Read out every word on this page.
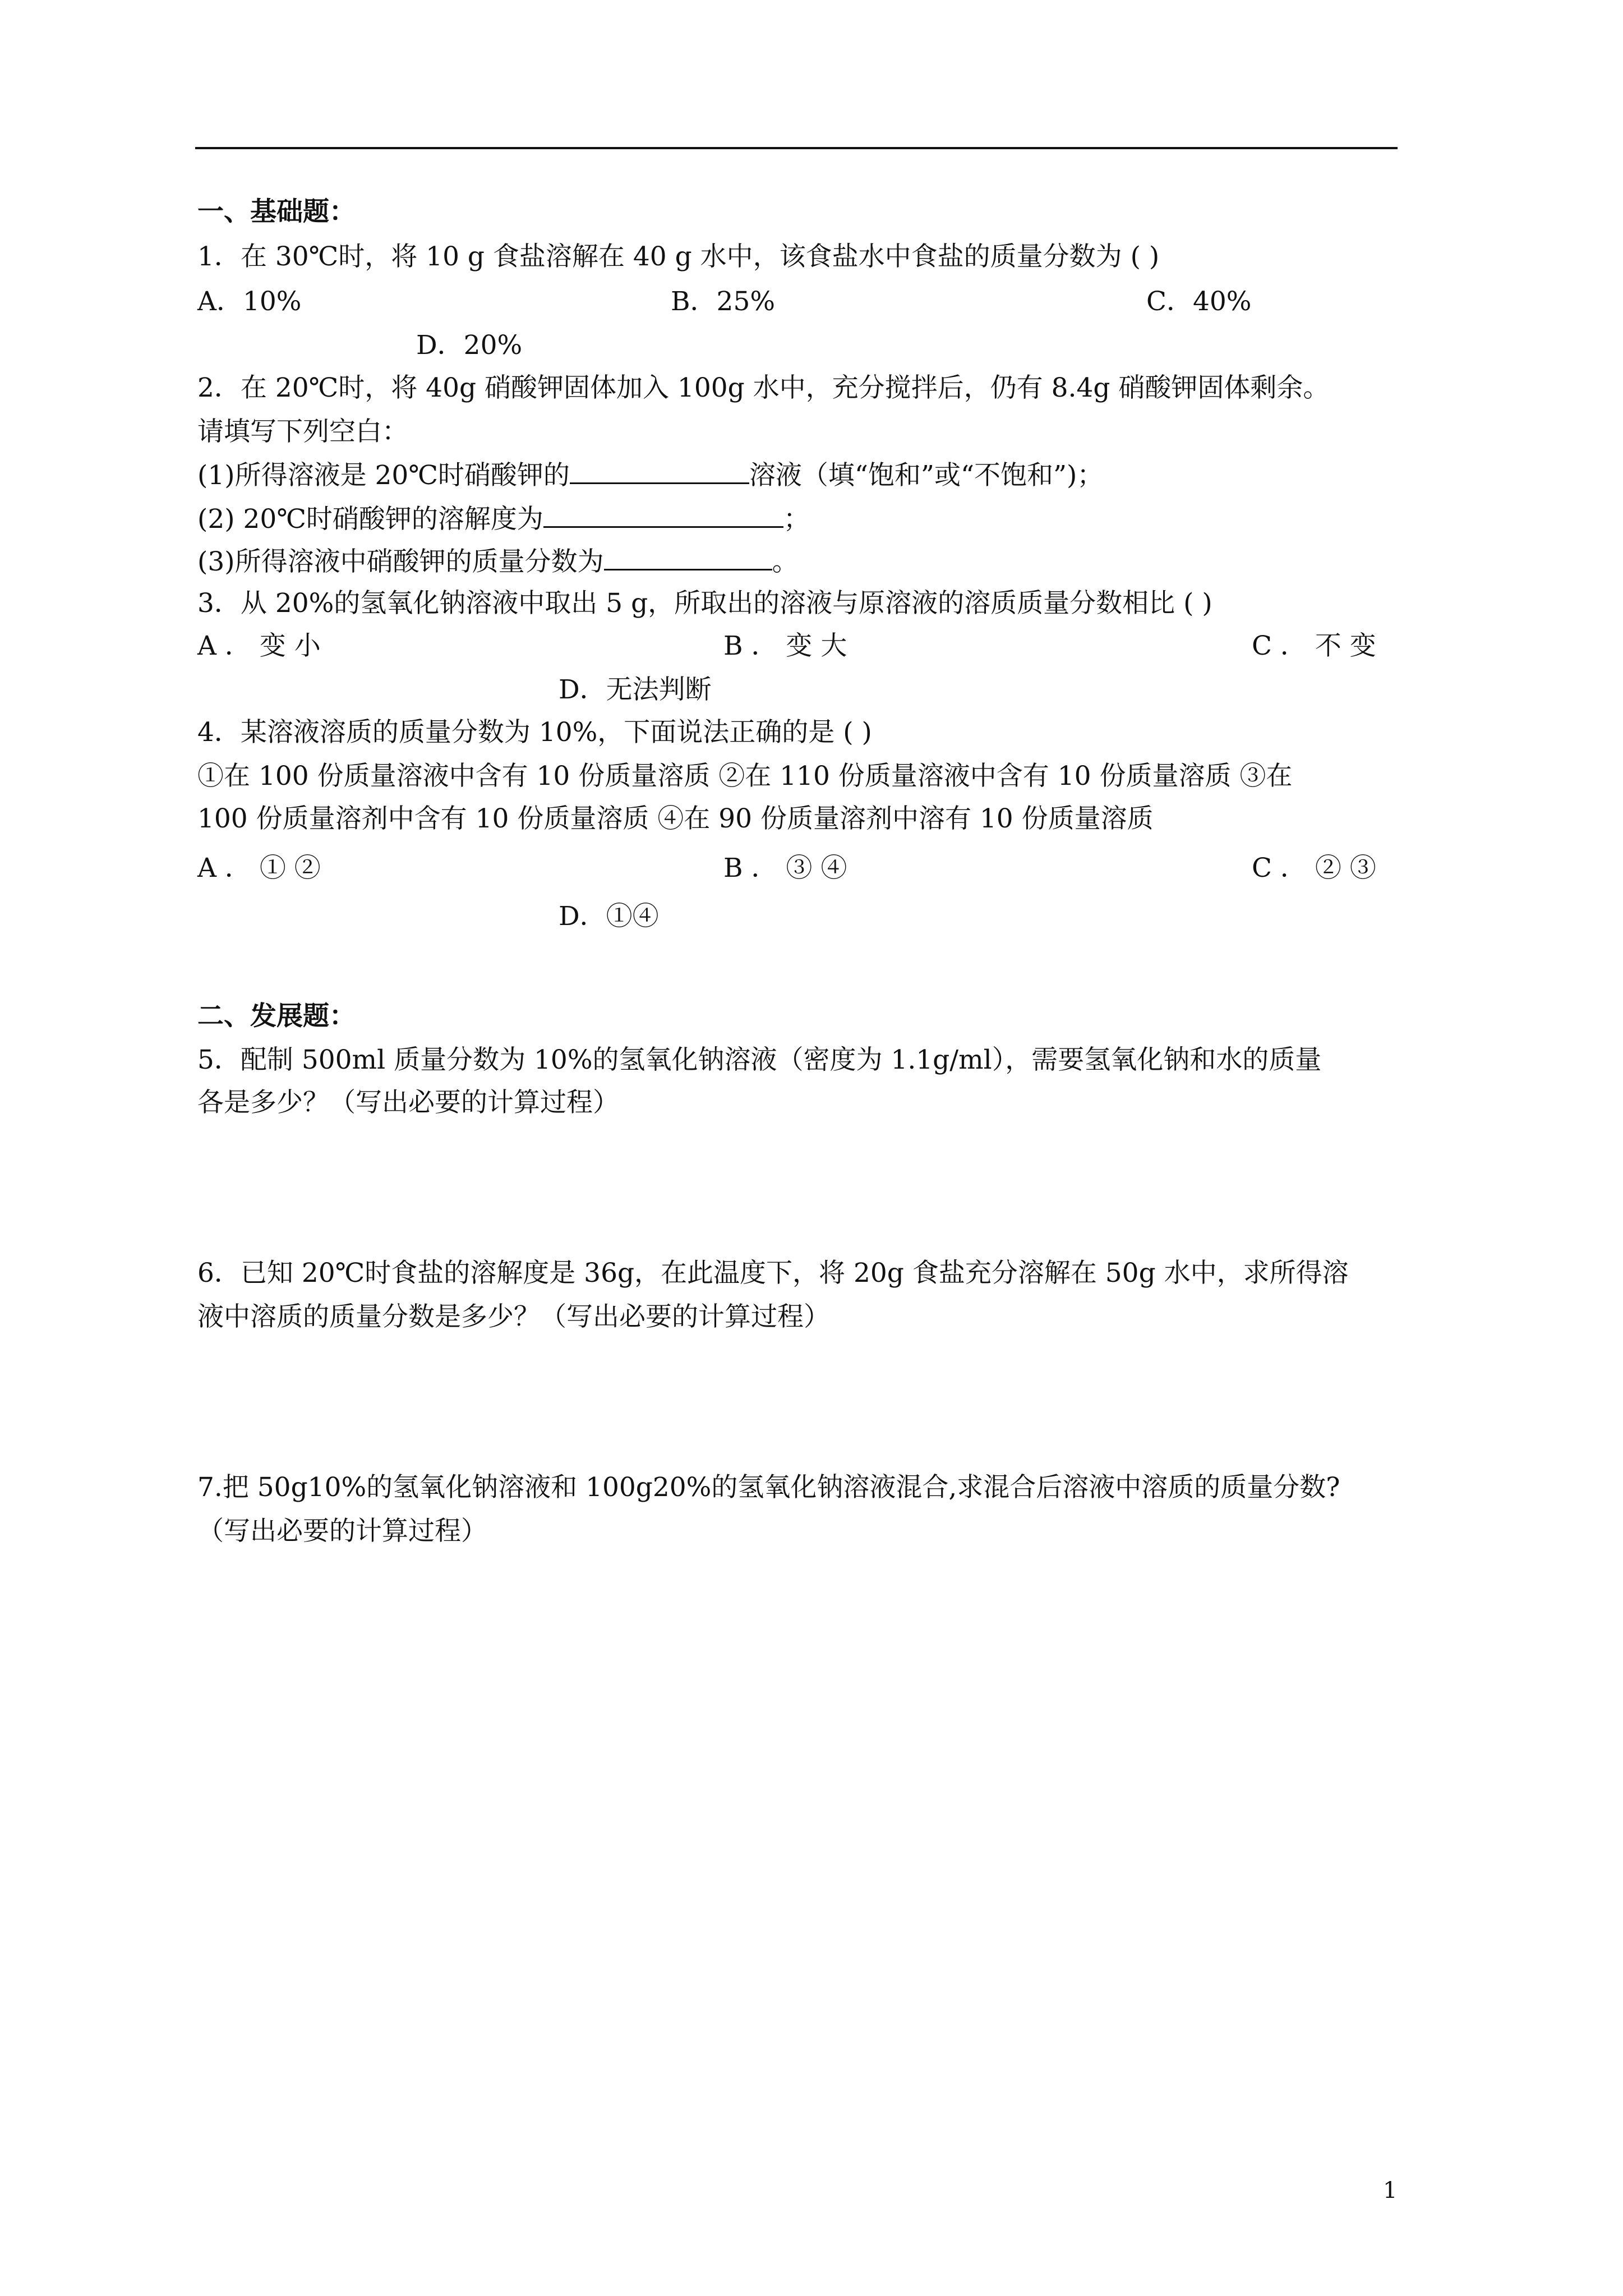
一、基础题：
1．在 30℃时，将 10 g 食盐溶解在 40 g 水中，该食盐水中食盐的质量分数为 ( )
A．10%	B．25%	C．40%
D．20%
2．在 20℃时，将 40g 硝酸钾固体加入 100g 水中，充分搅拌后，仍有 8.4g 硝酸钾固体剩余。
请填写下列空白：
(1)所得溶液是 20℃时硝酸钾的	溶液（填“饱和”或“不饱和”)；
(2) 20℃时硝酸钾的溶解度为	；
(3)所得溶液中硝酸钾的质量分数为	。
3．从 20%的氢氧化钠溶液中取出 5 g，所取出的溶液与原溶液的溶质质量分数相比 ( )
A ． 变 小	B ． 变 大	C ． 不 变
D．无法判断
4．某溶液溶质的质量分数为 10%，下面说法正确的是 ( )
①在 100 份质量溶液中含有 10 份质量溶质 ②在 110 份质量溶液中含有 10 份质量溶质 ③在
100 份质量溶剂中含有 10 份质量溶质 ④在 90 份质量溶剂中溶有 10 份质量溶质
A ． ① ②	B ． ③ ④	C ． ② ③
D．①④
二、发展题：
5．配制 500ml 质量分数为 10%的氢氧化钠溶液（密度为 1.1g/ml），需要氢氧化钠和水的质量
各是多少？（写出必要的计算过程）
6．已知 20℃时食盐的溶解度是 36g，在此温度下，将 20g 食盐充分溶解在 50g 水中，求所得溶
液中溶质的质量分数是多少？（写出必要的计算过程）
7.把 50g10%的氢氧化钠溶液和 100g20%的氢氧化钠溶液混合,求混合后溶液中溶质的质量分数?
（写出必要的计算过程）
1
